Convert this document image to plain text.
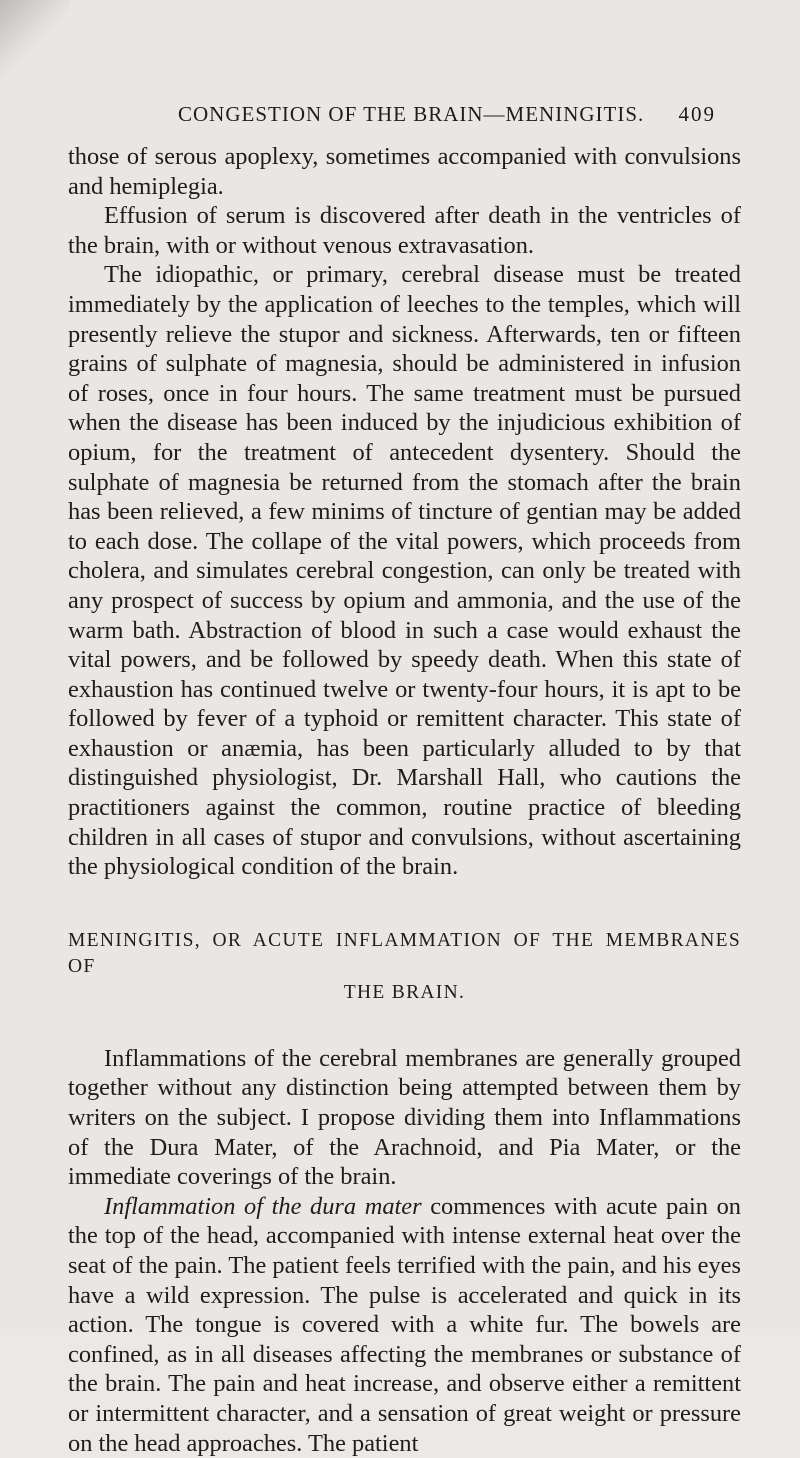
CONGESTION OF THE BRAIN—MENINGITIS. 409

those of serous apoplexy, sometimes accompanied with convulsions and hemiplegia.

Effusion of serum is discovered after death in the ventricles of the brain, with or without venous extravasation.

The idiopathic, or primary, cerebral disease must be treated immediately by the application of leeches to the temples, which will presently relieve the stupor and sickness. Afterwards, ten or fifteen grains of sulphate of magnesia, should be administered in infusion of roses, once in four hours. The same treatment must be pursued when the disease has been induced by the injudicious exhibition of opium, for the treatment of antecedent dysentery. Should the sulphate of magnesia be returned from the stomach after the brain has been relieved, a few minims of tincture of gentian may be added to each dose. The collape of the vital powers, which proceeds from cholera, and simulates cerebral congestion, can only be treated with any prospect of success by opium and ammonia, and the use of the warm bath. Abstraction of blood in such a case would exhaust the vital powers, and be followed by speedy death. When this state of exhaustion has continued twelve or twenty-four hours, it is apt to be followed by fever of a typhoid or remittent character. This state of exhaustion or anæmia, has been particularly alluded to by that distinguished physiologist, Dr. Marshall Hall, who cautions the practitioners against the common, routine practice of bleeding children in all cases of stupor and convulsions, without ascertaining the physiological condition of the brain.

MENINGITIS, OR ACUTE INFLAMMATION OF THE MEMBRANES OF
THE BRAIN.

Inflammations of the cerebral membranes are generally grouped together without any distinction being attempted between them by writers on the subject. I propose dividing them into Inflammations of the Dura Mater, of the Arachnoid, and Pia Mater, or the immediate coverings of the brain.

Inflammation of the dura mater commences with acute pain on the top of the head, accompanied with intense external heat over the seat of the pain. The patient feels terrified with the pain, and his eyes have a wild expression. The pulse is accelerated and quick in its action. The tongue is covered with a white fur. The bowels are confined, as in all diseases affecting the membranes or substance of the brain. The pain and heat increase, and observe either a remittent or intermittent character, and a sensation of great weight or pressure on the head approaches. The patient
